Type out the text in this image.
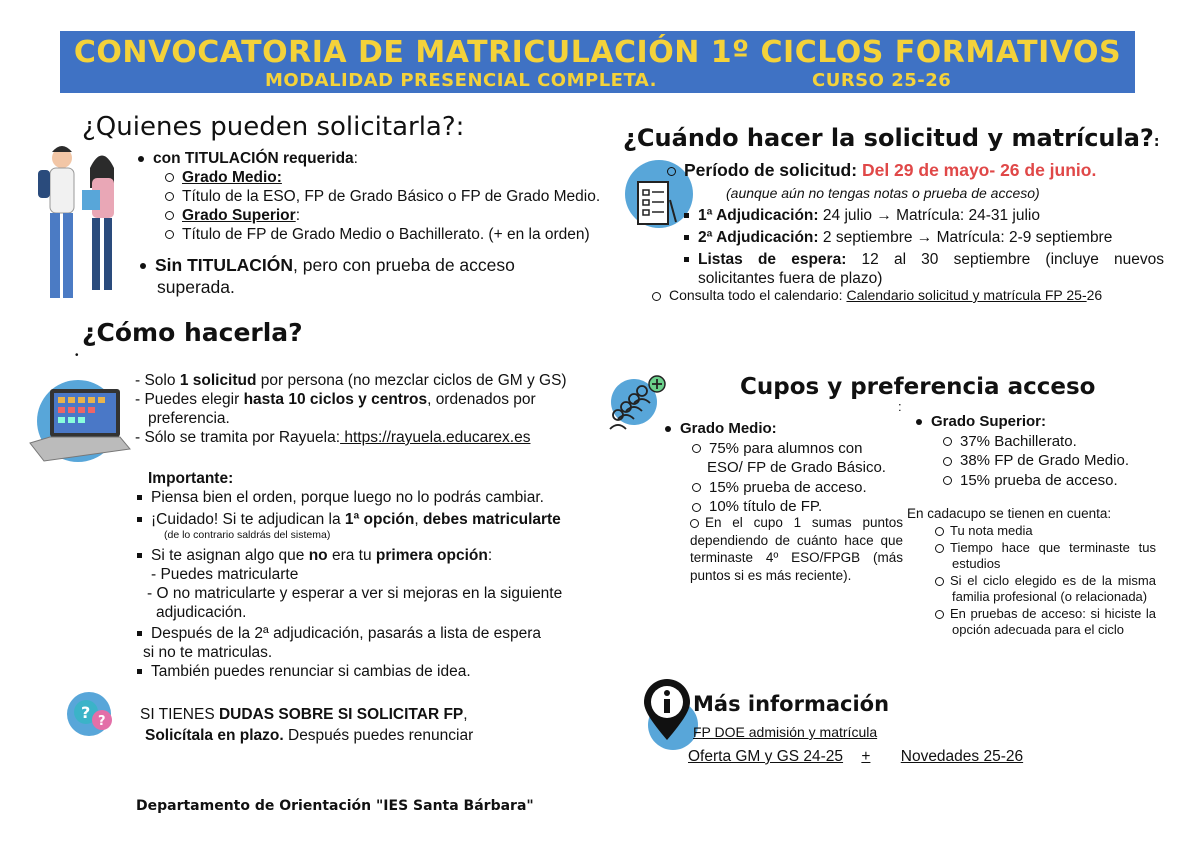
CONVOCATORIA DE MATRICULACIÓN 1º CICLOS FORMATIVOS
MODALIDAD PRESENCIAL COMPLETA.	CURSO 25-26
¿Quienes pueden solicitarla?:
con TITULACIÓN requerida:
Grado Medio:
Título de la ESO, FP de Grado Básico o FP de Grado Medio.
Grado Superior:
Título de FP de Grado Medio o Bachillerato. (+ en la orden)
Sin TITULACIÓN, pero con prueba de acceso
superada.
¿Cuándo hacer la solicitud y matrícula?:
Período de solicitud: Del 29 de mayo- 26 de junio.
(aunque aún no tengas notas o prueba de acceso)
1ª Adjudicación: 24 julio → Matrícula: 24-31 julio
2ª Adjudicación: 2 septiembre → Matrícula: 2-9 septiembre
Listas de espera: 12 al 30 septiembre (incluye nuevos
solicitantes fuera de plazo)
Consulta todo el calendario: Calendario solicitud y matrícula FP 25-26
¿Cómo hacerla?
•
- Solo 1 solicitud por persona (no mezclar ciclos de GM y GS)
- Puedes elegir hasta 10 ciclos y centros, ordenados por
preferencia.
- Sólo se tramita por Rayuela: https://rayuela.educarex.es
Importante:
Piensa bien el orden, porque luego no lo podrás cambiar.
¡Cuidado! Si te adjudican la 1ª opción, debes matricularte
(de lo contrario saldrás del sistema)
Si te asignan algo que no era tu primera opción:
- Puedes matricularte
- O no matricularte y esperar a ver si mejoras en la siguiente
adjudicación.
Después de la 2ª adjudicación, pasarás a lista de espera
si no te matriculas.
También puedes renunciar si cambias de idea.
? ? SI TIENES DUDAS SOBRE SI SOLICITAR FP,
Solicítala en plazo. Después puedes renunciar
Cupos y preferencia acceso
:
Grado Medio:
75% para alumnos con
ESO/ FP de Grado Básico.
15% prueba de acceso.
10% título de FP.
En el cupo 1 sumas puntos dependiendo de cuánto hace que terminaste 4º ESO/FPGB (más puntos si es más reciente).
Grado Superior:
37% Bachillerato.
38% FP de Grado Medio.
15% prueba de acceso.
En cadacupo se tienen en cuenta:
Tu nota media
Tiempo hace que terminaste tus estudios
Si el ciclo elegido es de la misma familia profesional (o relacionada)
En pruebas de acceso: si hiciste la opción adecuada para el ciclo
Más información
FP DOE admisión y matrícula
Oferta GM y GS 24-25 + Novedades 25-26
Departamento de Orientación "IES Santa Bárbara"
